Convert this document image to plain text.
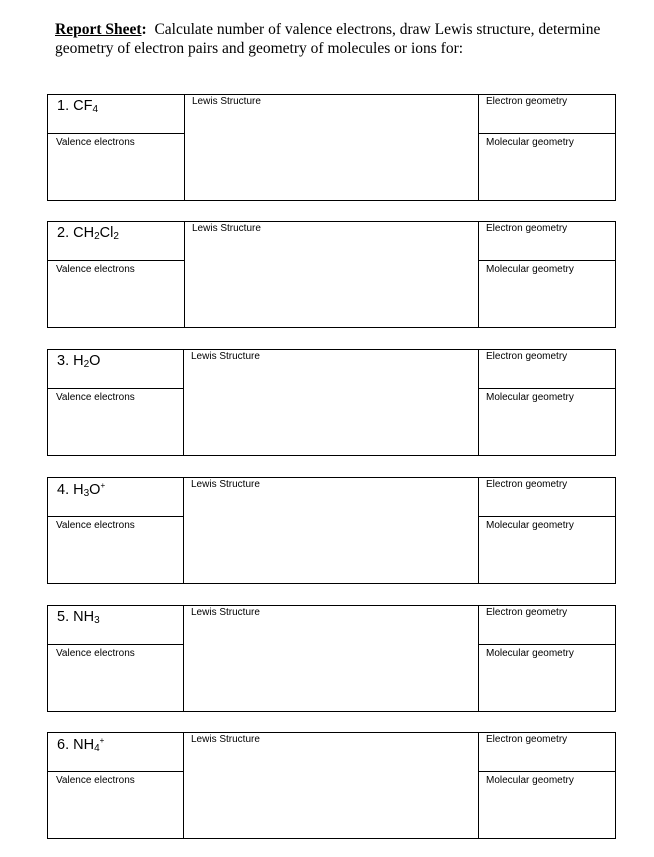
Report Sheet: Calculate number of valence electrons, draw Lewis structure, determine geometry of electron pairs and geometry of molecules or ions for:
1. $CF_4$	Lewis Structure	Electron geometry
Valence electrons		Molecular geometry
2. $CH_2Cl_2$	Lewis Structure	Electron geometry
Valence electrons		Molecular geometry
3. $H_2O$	Lewis Structure	Electron geometry
Valence electrons		Molecular geometry
4. $H_3O^+$	Lewis Structure	Electron geometry
Valence electrons		Molecular geometry
5. $NH_3$	Lewis Structure	Electron geometry
Valence electrons		Molecular geometry
6. $NH_4^+$	Lewis Structure	Electron geometry
Valence electrons		Molecular geometry
